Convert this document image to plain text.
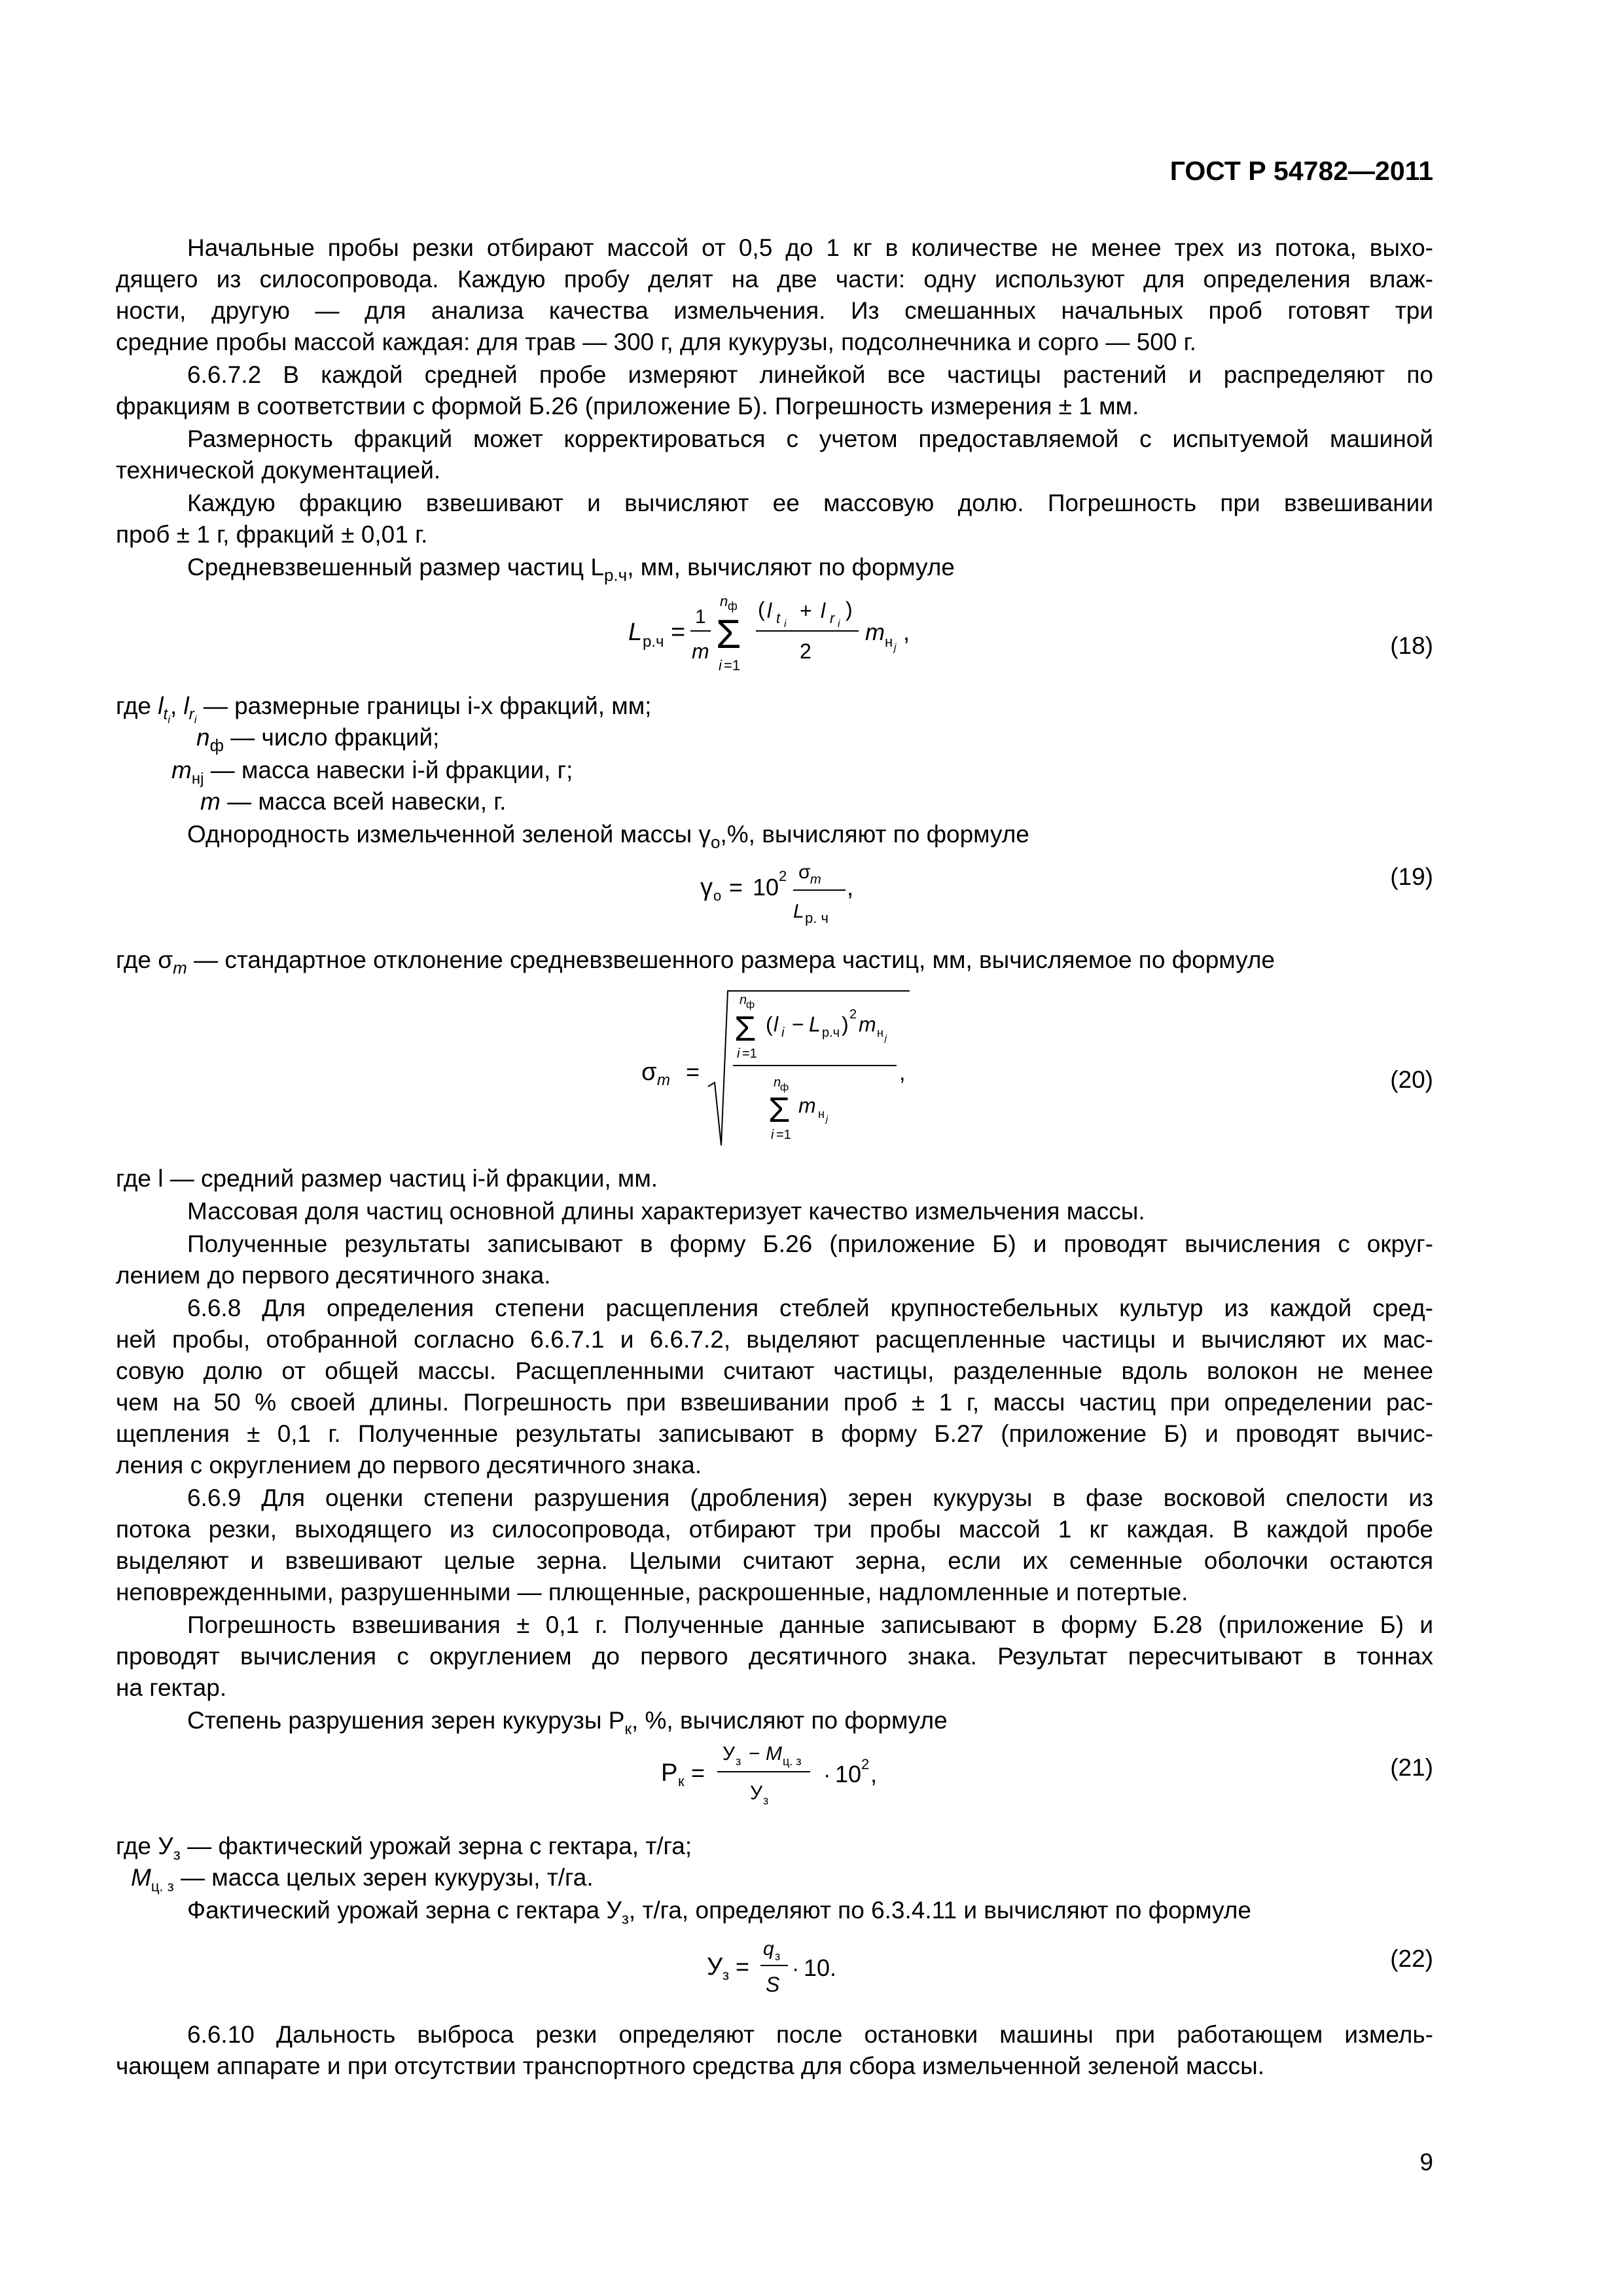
ГОСТ Р 54782—2011
Начальные пробы резки отбирают массой от 0,5 до 1 кг в количестве не менее трех из потока, выхо-
дящего из силосопровода. Каждую пробу делят на две части: одну используют для определения влаж-
ности, другую — для анализа качества измельчения. Из смешанных начальных проб готовят три
средние пробы массой каждая: для трав — 300 г, для кукурузы, подсолнечника и сорго — 500 г.
6.6.7.2 В каждой средней пробе измеряют линейкой все частицы растений и распределяют по
фракциям в соответствии с формой Б.26 (приложение Б). Погрешность измерения ± 1 мм.
Размерность фракций может корректироваться с учетом предоставляемой с испытуемой машиной
технической документацией.
Каждую фракцию взвешивают и вычисляют ее массовую долю. Погрешность при взвешивании
проб ± 1 г, фракций ± 0,01 г.
Средневзвешенный размер частиц $L_{р.ч}$, мм, вычисляют по формуле
L р.ч =
1
m
n ф
Σ
i =1
( l t i
+ l r i
)
2
m н j
,
(18)
где $l_{t_i}$, $l_{r_i}$ — размерные границы i-х фракций, мм;
$n_ф$ — число фракций;
$m_{нj}$ — масса навески i-й фракции, г;
m — масса всей навески, г.
Однородность измельченной зеленой массы $\gamma_о,\%$, вычисляют по формуле
γ о = 10 2 σ m
L р. ч
,	(19)
где $\sigma_m$ — стандартное отклонение средневзвешенного размера частиц, мм, вычисляемое по формуле
σ m =
n
ф
Σ
i =1
( l i − L р.ч ) 2 m н j
n
ф
Σ
i =1
m н j
,	(20)
где l — средний размер частиц i-й фракции, мм.
Массовая доля частиц основной длины характеризует качество измельчения массы.
Полученные результаты записывают в форму Б.26 (приложение Б) и проводят вычисления с округ-
лением до первого десятичного знака.
6.6.8 Для определения степени расщепления стеблей крупностебельных культур из каждой сред-
ней пробы, отобранной согласно 6.6.7.1 и 6.6.7.2, выделяют расщепленные частицы и вычисляют их мас-
совую долю от общей массы. Расщепленными считают частицы, разделенные вдоль волокон не менее
чем на 50 % своей длины. Погрешность при взвешивании проб ± 1 г, массы частиц при определении рас-
щепления ± 0,1 г. Полученные результаты записывают в форму Б.27 (приложение Б) и проводят вычис-
ления с округлением до первого десятичного знака.
6.6.9 Для оценки степени разрушения (дробления) зерен кукурузы в фазе восковой спелости из
потока резки, выходящего из силосопровода, отбирают три пробы массой 1 кг каждая. В каждой пробе
выделяют и взвешивают целые зерна. Целыми считают зерна, если их семенные оболочки остаются
неповрежденными, разрушенными — плющенные, раскрошенные, надломленные и потертые.
Погрешность взвешивания ± 0,1 г. Полученные данные записывают в форму Б.28 (приложение Б) и
проводят вычисления с округлением до первого десятичного знака. Результат пересчитывают в тоннах
на гектар.
Степень разрушения зерен кукурузы $Р_к$, %, вычисляют по формуле
Р к =
У з − M ц. з
У з
· 10 2 ,	(21)
где $У_з$ — фактический урожай зерна с гектара, т/га;
$M_{ц. з}$ — масса целых зерен кукурузы, т/га.
Фактический урожай зерна с гектара $У_з$, т/га, определяют по 6.3.4.11 и вычисляют по формуле
У з =
q з
S
· 10.	(22)
6.6.10 Дальность выброса резки определяют после остановки машины при работающем измель-
чающем аппарате и при отсутствии транспортного средства для сбора измельченной зеленой массы.
9
